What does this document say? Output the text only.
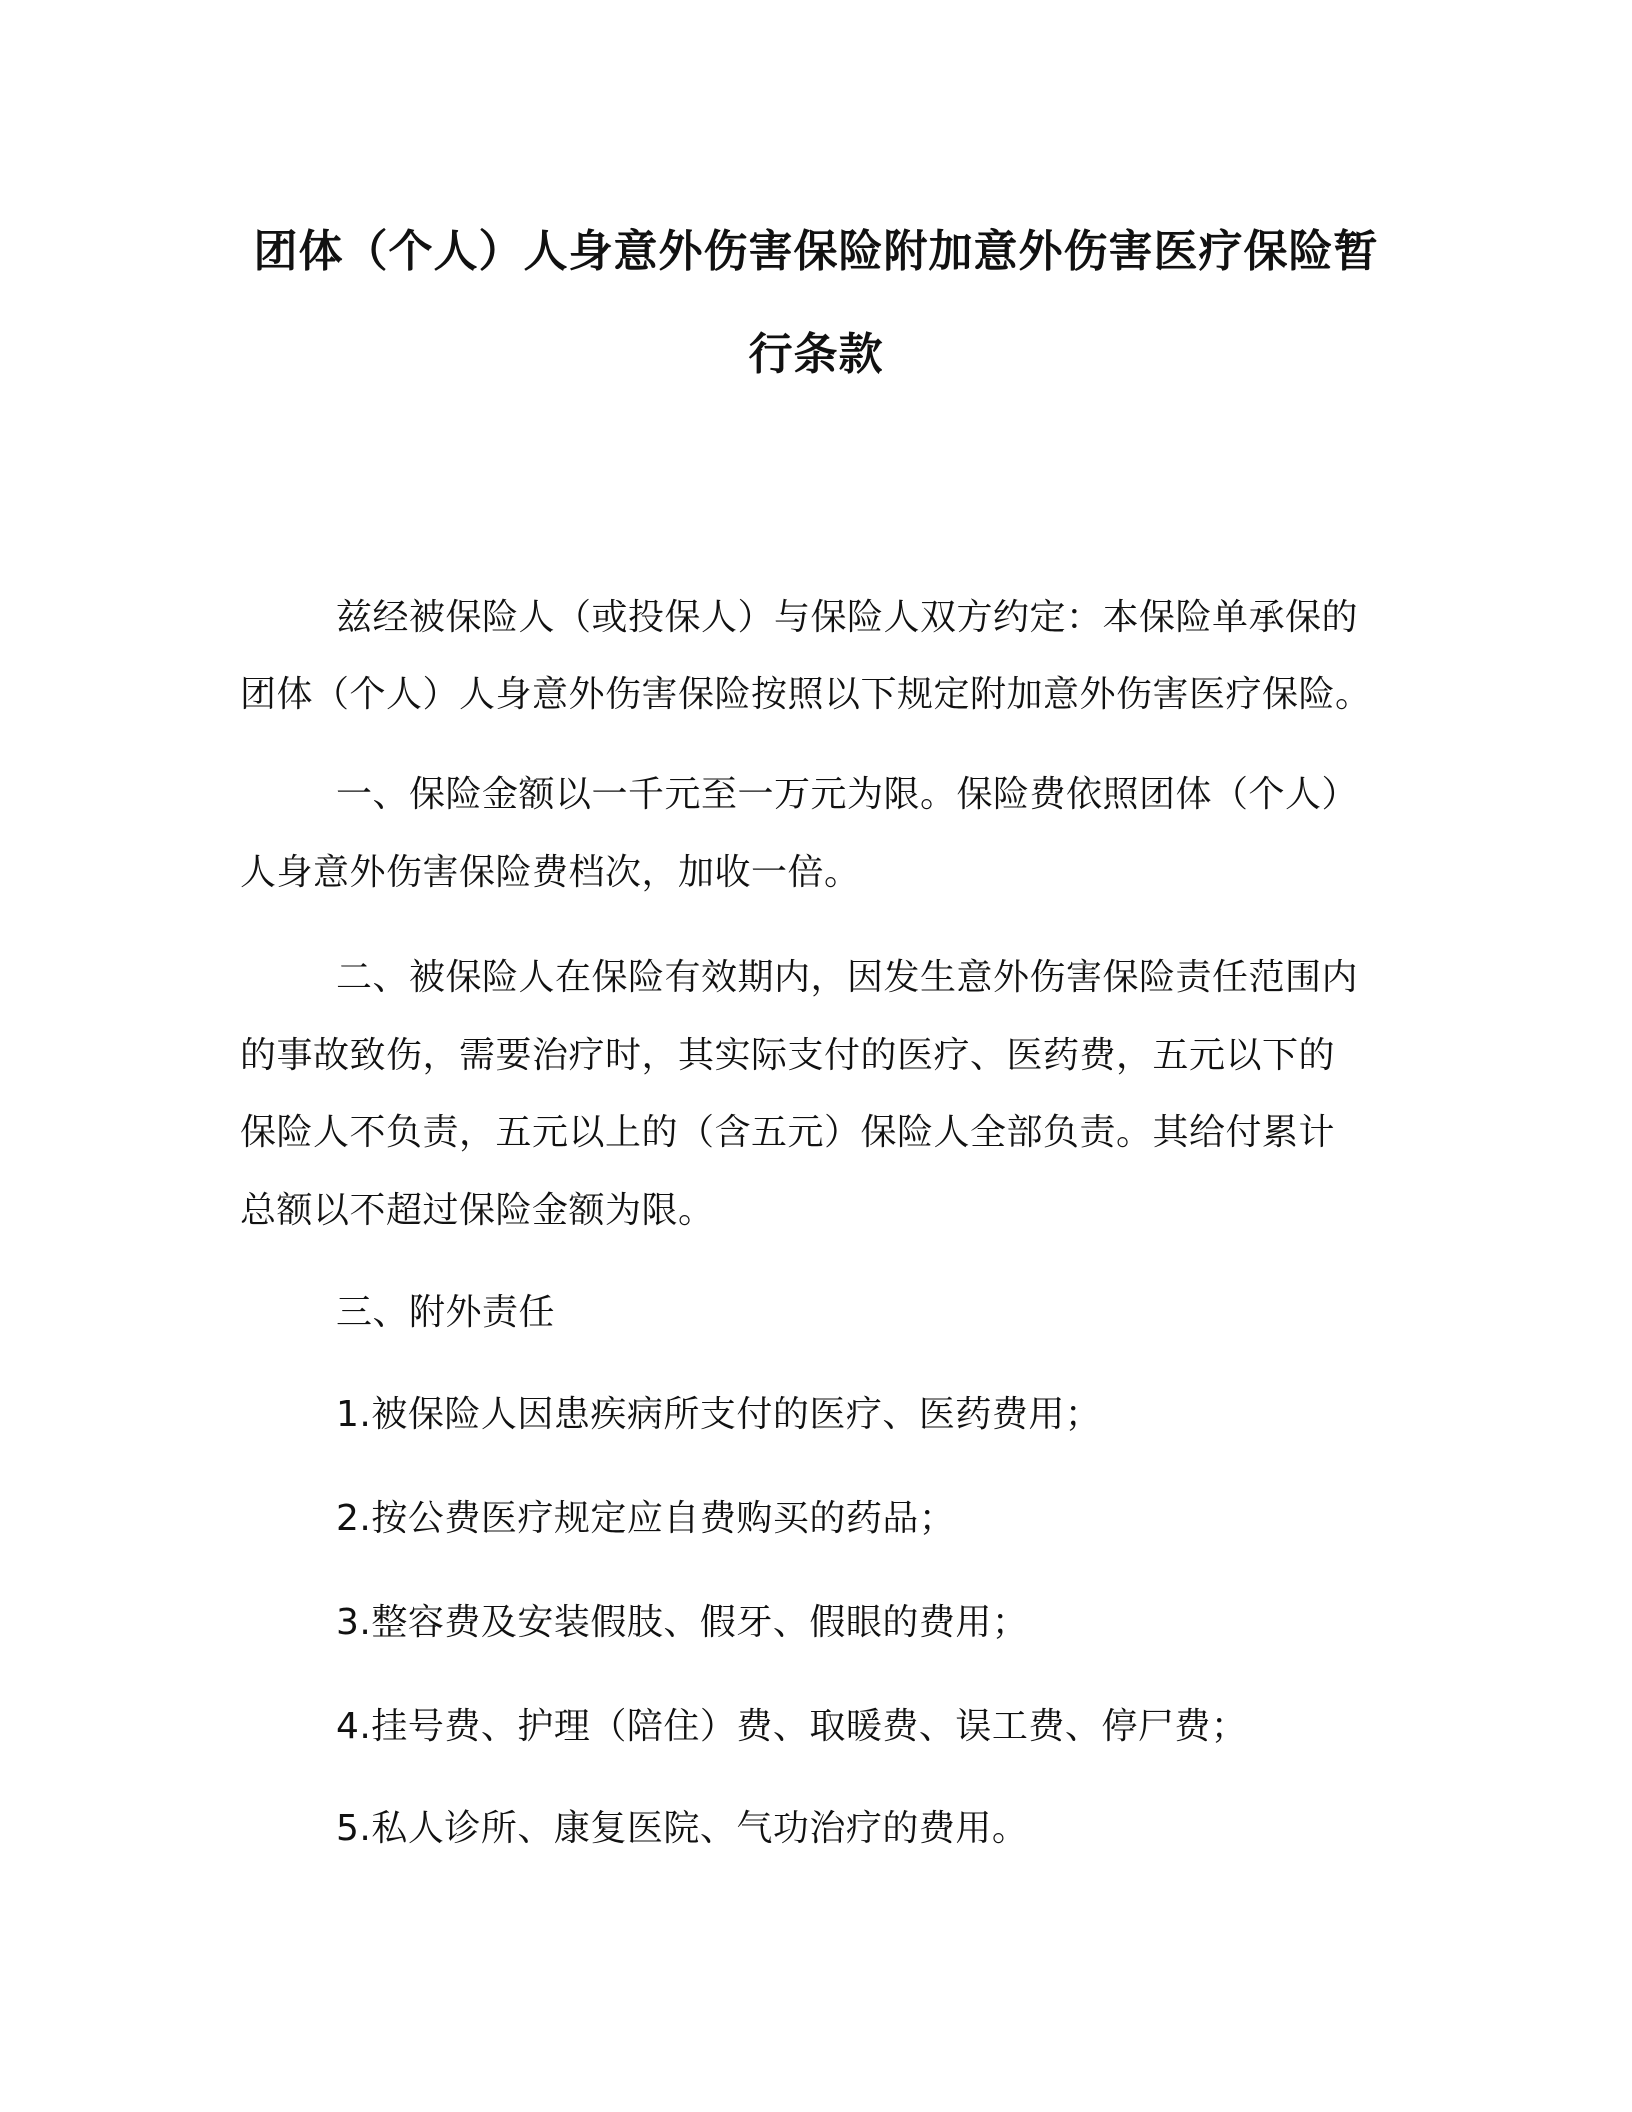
团体（个人）人身意外伤害保险附加意外伤害医疗保险暂
行条款
兹经被保险人（或投保人）与保险人双方约定：本保险单承保的
团体（个人）人身意外伤害保险按照以下规定附加意外伤害医疗保险。
一、保险金额以一千元至一万元为限。保险费依照团体（个人）
人身意外伤害保险费档次，加收一倍。
二、被保险人在保险有效期内，因发生意外伤害保险责任范围内
的事故致伤，需要治疗时，其实际支付的医疗、医药费，五元以下的
保险人不负责，五元以上的（含五元）保险人全部负责。其给付累计
总额以不超过保险金额为限。
三、附外责任
1.被保险人因患疾病所支付的医疗、医药费用；
2.按公费医疗规定应自费购买的药品；
3.整容费及安装假肢、假牙、假眼的费用；
4.挂号费、护理（陪住）费、取暖费、误工费、停尸费；
5.私人诊所、康复医院、气功治疗的费用。
